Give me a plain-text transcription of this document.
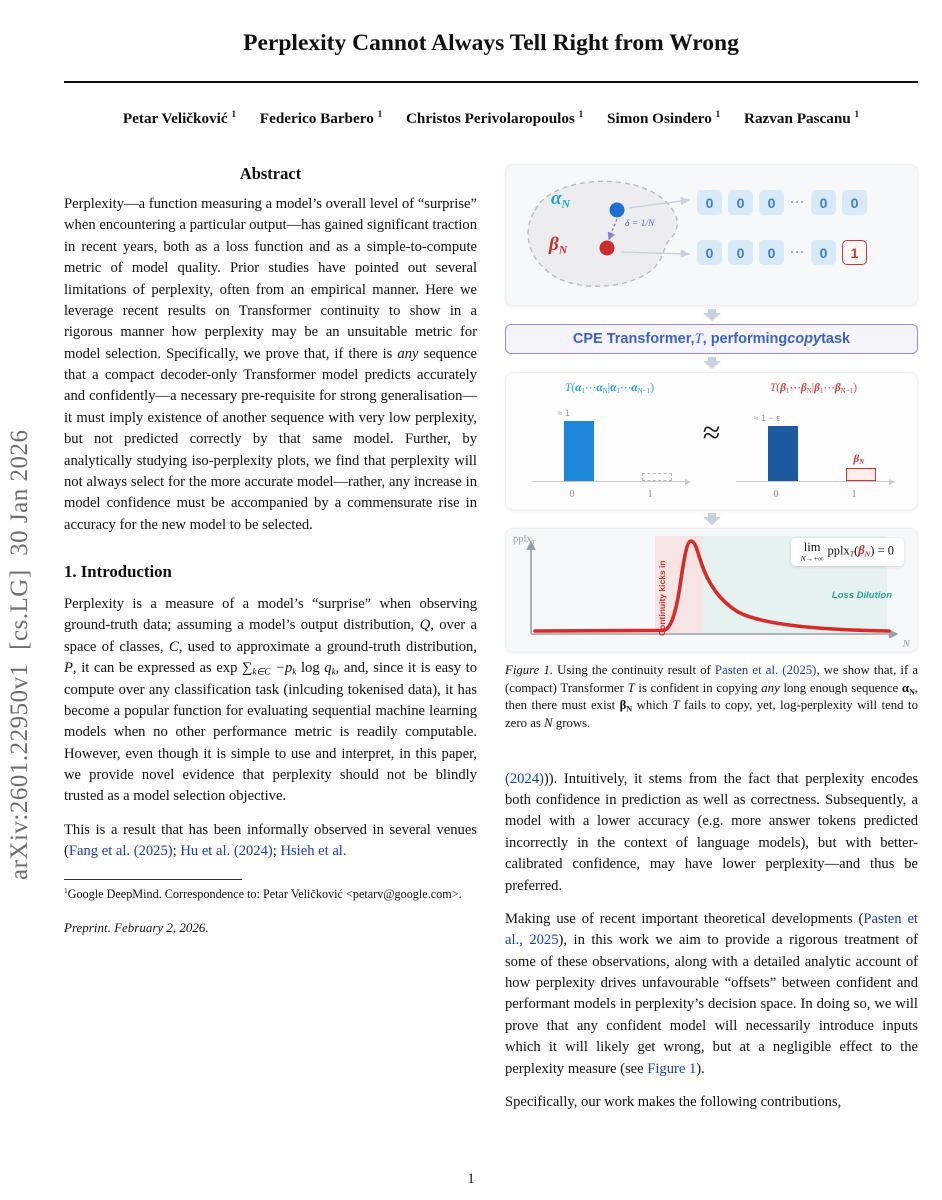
arXiv:2601.22950v1  [cs.LG]  30 Jan 2026
Perplexity Cannot Always Tell Right from Wrong
Petar Veličković $^1$ Federico Barbero $^1$ Christos Perivolaropoulos $^1$ Simon Osindero $^1$ Razvan Pascanu $^1$
Abstract

Perplexity—a function measuring a model’s overall level of “surprise” when encountering a particular output—has gained significant traction in recent years, both as a loss function and as a simple-to-compute metric of model quality. Prior studies have pointed out several limitations of perplexity, often from an empirical manner. Here we leverage recent results on Transformer continuity to show in a rigorous manner how perplexity may be an unsuitable metric for model selection. Specifically, we prove that, if there is any sequence that a compact decoder-only Transformer model predicts accurately and confidently—a necessary pre-requisite for strong generalisation—it must imply existence of another sequence with very low perplexity, but not predicted correctly by that same model. Further, by analytically studying iso-perplexity plots, we find that perplexity will not always select for the more accurate model—rather, any increase in model confidence must be accompanied by a commensurate rise in accuracy for the new model to be selected.

1. Introduction

Perplexity is a measure of a model’s “surprise” when observing ground-truth data; assuming a model’s output distribution, Q, over a space of classes, C, used to approximate a ground-truth distribution, P, it can be expressed as $\exp \sum_{k\in C} -p_k$ $\log q_k$, and, since it is easy to compute over any classification task (inlcuding tokenised data), it has become a popular function for evaluating sequential machine learning models when no other performance metric is readily computable. However, even though it is simple to use and interpret, in this paper, we provide novel evidence that perplexity should not be blindly trusted as a model selection objective.

This is a result that has been informally observed in several venues (Fang et al. (2025); Hu et al. (2024); Hsieh et al.

$^1$Google DeepMind. Correspondence to: Petar Veličković <petarv@google.com>.
Preprint. February 2, 2026.
$\alpha_N$
$\beta_N$
δ = 1/N
0	0	0	···	0	0
0	0	0	···	0	1
CPE Transformer, T , performing copy task
$T(\alpha_1\cdots\alpha_N|\alpha_1\cdots\alpha_{N-1})$
≈ 1
0	1
≈
$T(\beta_1\cdots\beta_N|\beta_1\cdots\beta_{N-1})$
≈ 1 − ε
$\beta_N$
0	1
pplx$_T$
N
Continuity kicks in
lim
N→+∞
$pplx_T(\beta_N) = 0$
Loss Dilution

Figure 1. Using the continuity result of Pasten et al. (2025), we show that, if a (compact) Transformer T is confident in copying any long enough sequence $\alpha_N$, then there must exist $\beta_N$ which T fails to copy, yet, log-perplexity will tend to zero as N grows.

(2024))). Intuitively, it stems from the fact that perplexity encodes both confidence in prediction as well as correctness. Subsequently, a model with a lower accuracy (e.g. more answer tokens predicted incorrectly in the context of language models), but with better-calibrated confidence, may have lower perplexity—and thus be preferred.

Making use of recent important theoretical developments (Pasten et al., 2025), in this work we aim to provide a rigorous treatment of some of these observations, along with a detailed analytic account of how perplexity drives unfavourable “offsets” between confident and performant models in perplexity’s decision space. In doing so, we will prove that any confident model will necessarily introduce inputs which it will likely get wrong, but at a negligible effect to the perplexity measure (see Figure 1).

Specifically, our work makes the following contributions,

1
